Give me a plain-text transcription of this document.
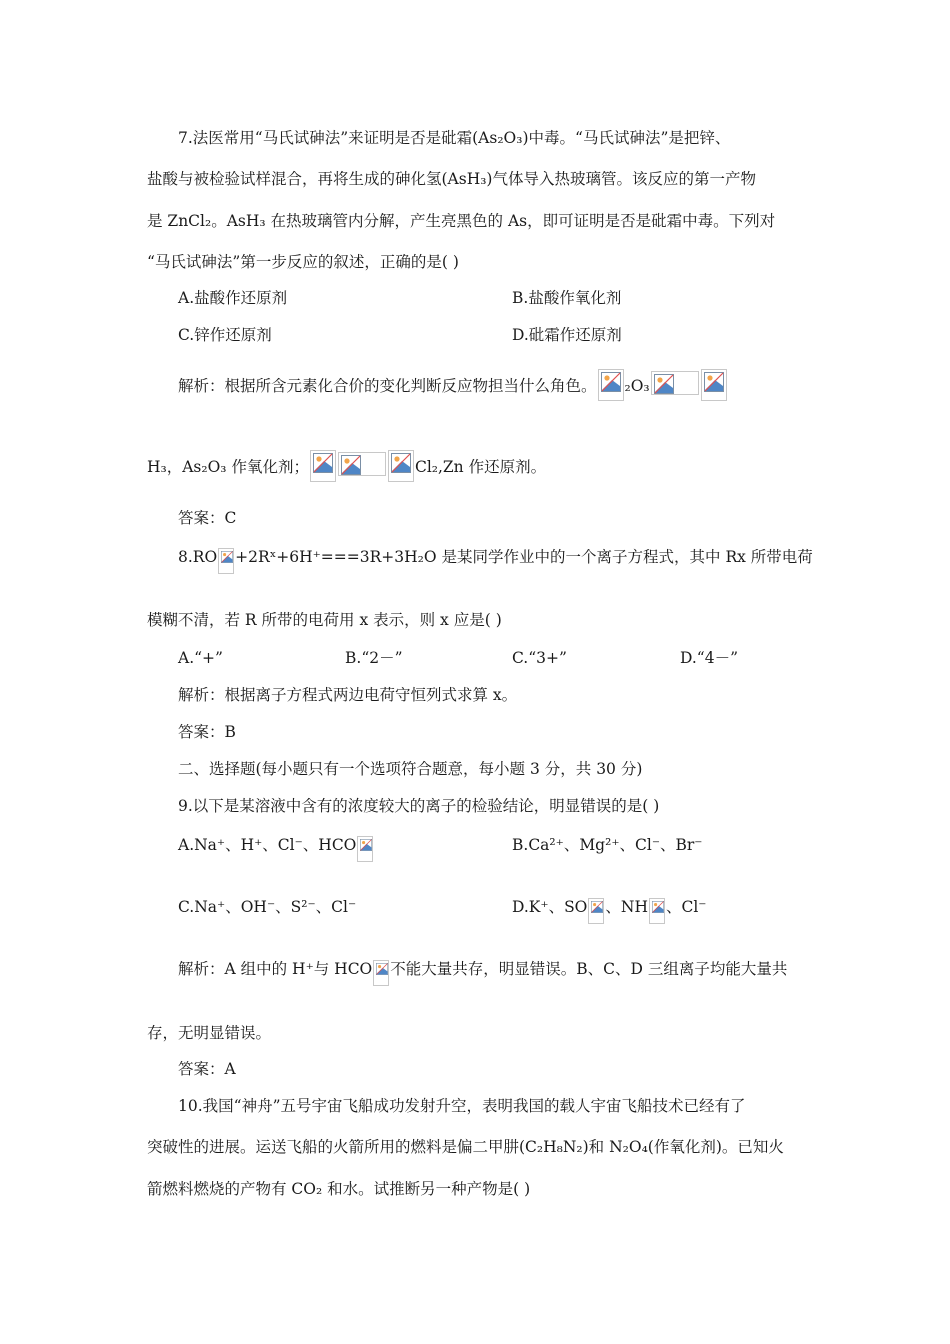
7.法医常用“马氏试砷法”来证明是否是砒霜(As₂O₃)中毒。“马氏试砷法”是把锌、
盐酸与被检验试样混合，再将生成的砷化氢(AsH₃)气体导入热玻璃管。该反应的第一产物
是 ZnCl₂。AsH₃ 在热玻璃管内分解，产生亮黑色的 As，即可证明是否是砒霜中毒。下列对
“马氏试砷法”第一步反应的叙述，正确的是( )
A.盐酸作还原剂	B.盐酸作氧化剂
C.锌作还原剂	D.砒霜作还原剂
解析：根据所含元素化合价的变化判断反应物担当什么角色。 ₂O₃
H₃，As₂O₃ 作氧化剂；	Cl₂,Zn 作还原剂。
答案：C
8.RO +2Rˣ+6H⁺===3R+3H₂O 是某同学作业中的一个离子方程式，其中 Rx 所带电荷
模糊不清，若 R 所带的电荷用 x 表示，则 x 应是( )
A.“+”	B.“2－”	C.“3+”	D.“4－”
解析：根据离子方程式两边电荷守恒列式求算 x。
答案：B
二、选择题(每小题只有一个选项符合题意，每小题 3 分，共 30 分)
9.以下是某溶液中含有的浓度较大的离子的检验结论，明显错误的是( )
A.Na⁺、H⁺、Cl⁻、HCO	B.Ca²⁺、Mg²⁺、Cl⁻、Br⁻
C.Na⁺、OH⁻、S²⁻、Cl⁻	D.K⁺、SO 、NH 、Cl⁻
解析：A 组中的 H⁺与 HCO 不能大量共存，明显错误。B、C、D 三组离子均能大量共
存，无明显错误。
答案：A
10.我国“神舟”五号宇宙飞船成功发射升空，表明我国的载人宇宙飞船技术已经有了
突破性的进展。运送飞船的火箭所用的燃料是偏二甲肼(C₂H₈N₂)和 N₂O₄(作氧化剂)。已知火
箭燃料燃烧的产物有 CO₂ 和水。试推断另一种产物是( )
